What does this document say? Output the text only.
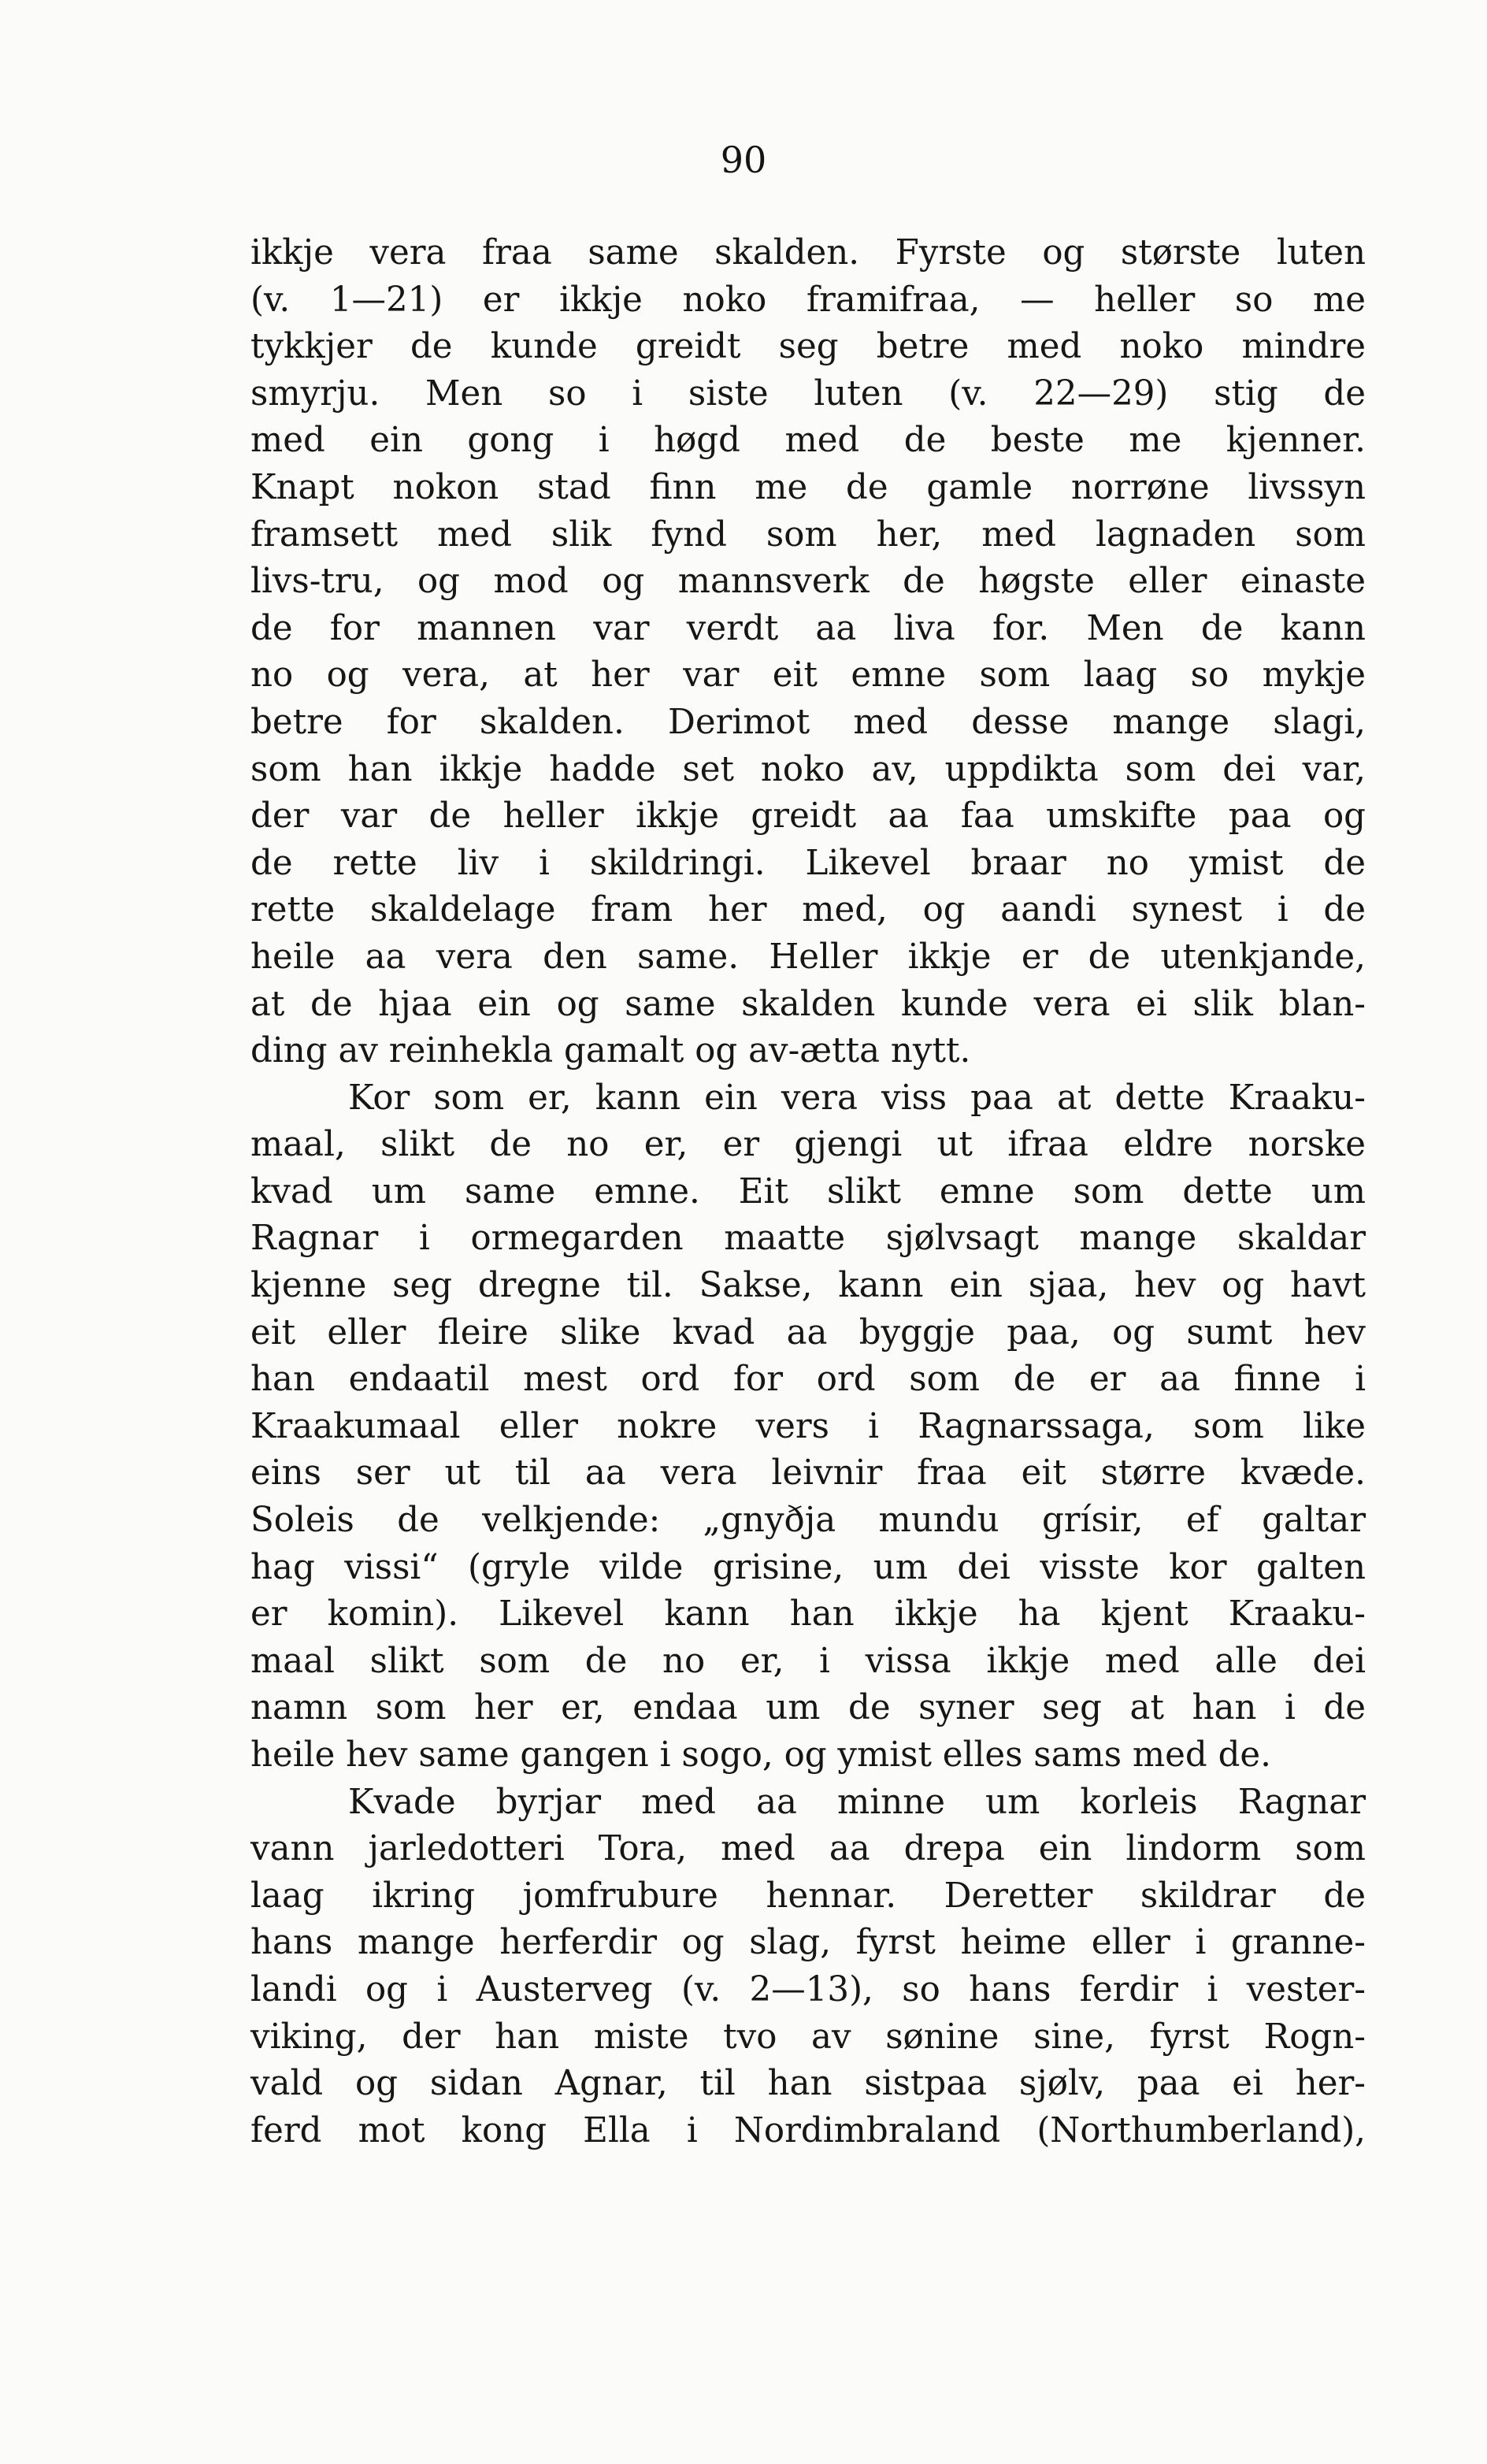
90
ikkje vera fraa same skalden. Fyrste og største luten
(v. 1—21) er ikkje noko framifraa, — heller so me
tykkjer de kunde greidt seg betre med noko mindre
smyrju. Men so i siste luten (v. 22—29) stig de
med ein gong i høgd med de beste me kjenner.
Knapt nokon stad finn me de gamle norrøne livssyn
framsett med slik fynd som her, med lagnaden som
livs-tru, og mod og mannsverk de høgste eller einaste
de for mannen var verdt aa liva for. Men de kann
no og vera, at her var eit emne som laag so mykje
betre for skalden. Derimot med desse mange slagi,
som han ikkje hadde set noko av, uppdikta som dei var,
der var de heller ikkje greidt aa faa umskifte paa og
de rette liv i skildringi. Likevel braar no ymist de
rette skaldelage fram her med, og aandi synest i de
heile aa vera den same. Heller ikkje er de utenkjande,
at de hjaa ein og same skalden kunde vera ei slik blan-
ding av reinhekla gamalt og av-ætta nytt.
Kor som er, kann ein vera viss paa at dette Kraaku-
maal, slikt de no er, er gjengi ut ifraa eldre norske
kvad um same emne. Eit slikt emne som dette um
Ragnar i ormegarden maatte sjølvsagt mange skaldar
kjenne seg dregne til. Sakse, kann ein sjaa, hev og havt
eit eller fleire slike kvad aa byggje paa, og sumt hev
han endaatil mest ord for ord som de er aa finne i
Kraakumaal eller nokre vers i Ragnarssaga, som like
eins ser ut til aa vera leivnir fraa eit større kvæde.
Soleis de velkjende: „gnyðja mundu grísir, ef galtar
hag vissi“ (gryle vilde grisine, um dei visste kor galten
er komin). Likevel kann han ikkje ha kjent Kraaku-
maal slikt som de no er, i vissa ikkje med alle dei
namn som her er, endaa um de syner seg at han i de
heile hev same gangen i sogo, og ymist elles sams med de.
Kvade byrjar med aa minne um korleis Ragnar
vann jarledotteri Tora, med aa drepa ein lindorm som
laag ikring jomfrubure hennar. Deretter skildrar de
hans mange herferdir og slag, fyrst heime eller i granne-
landi og i Austerveg (v. 2—13), so hans ferdir i vester-
viking, der han miste tvo av sønine sine, fyrst Rogn-
vald og sidan Agnar, til han sistpaa sjølv, paa ei her-
ferd mot kong Ella i Nordimbraland (Northumberland),
